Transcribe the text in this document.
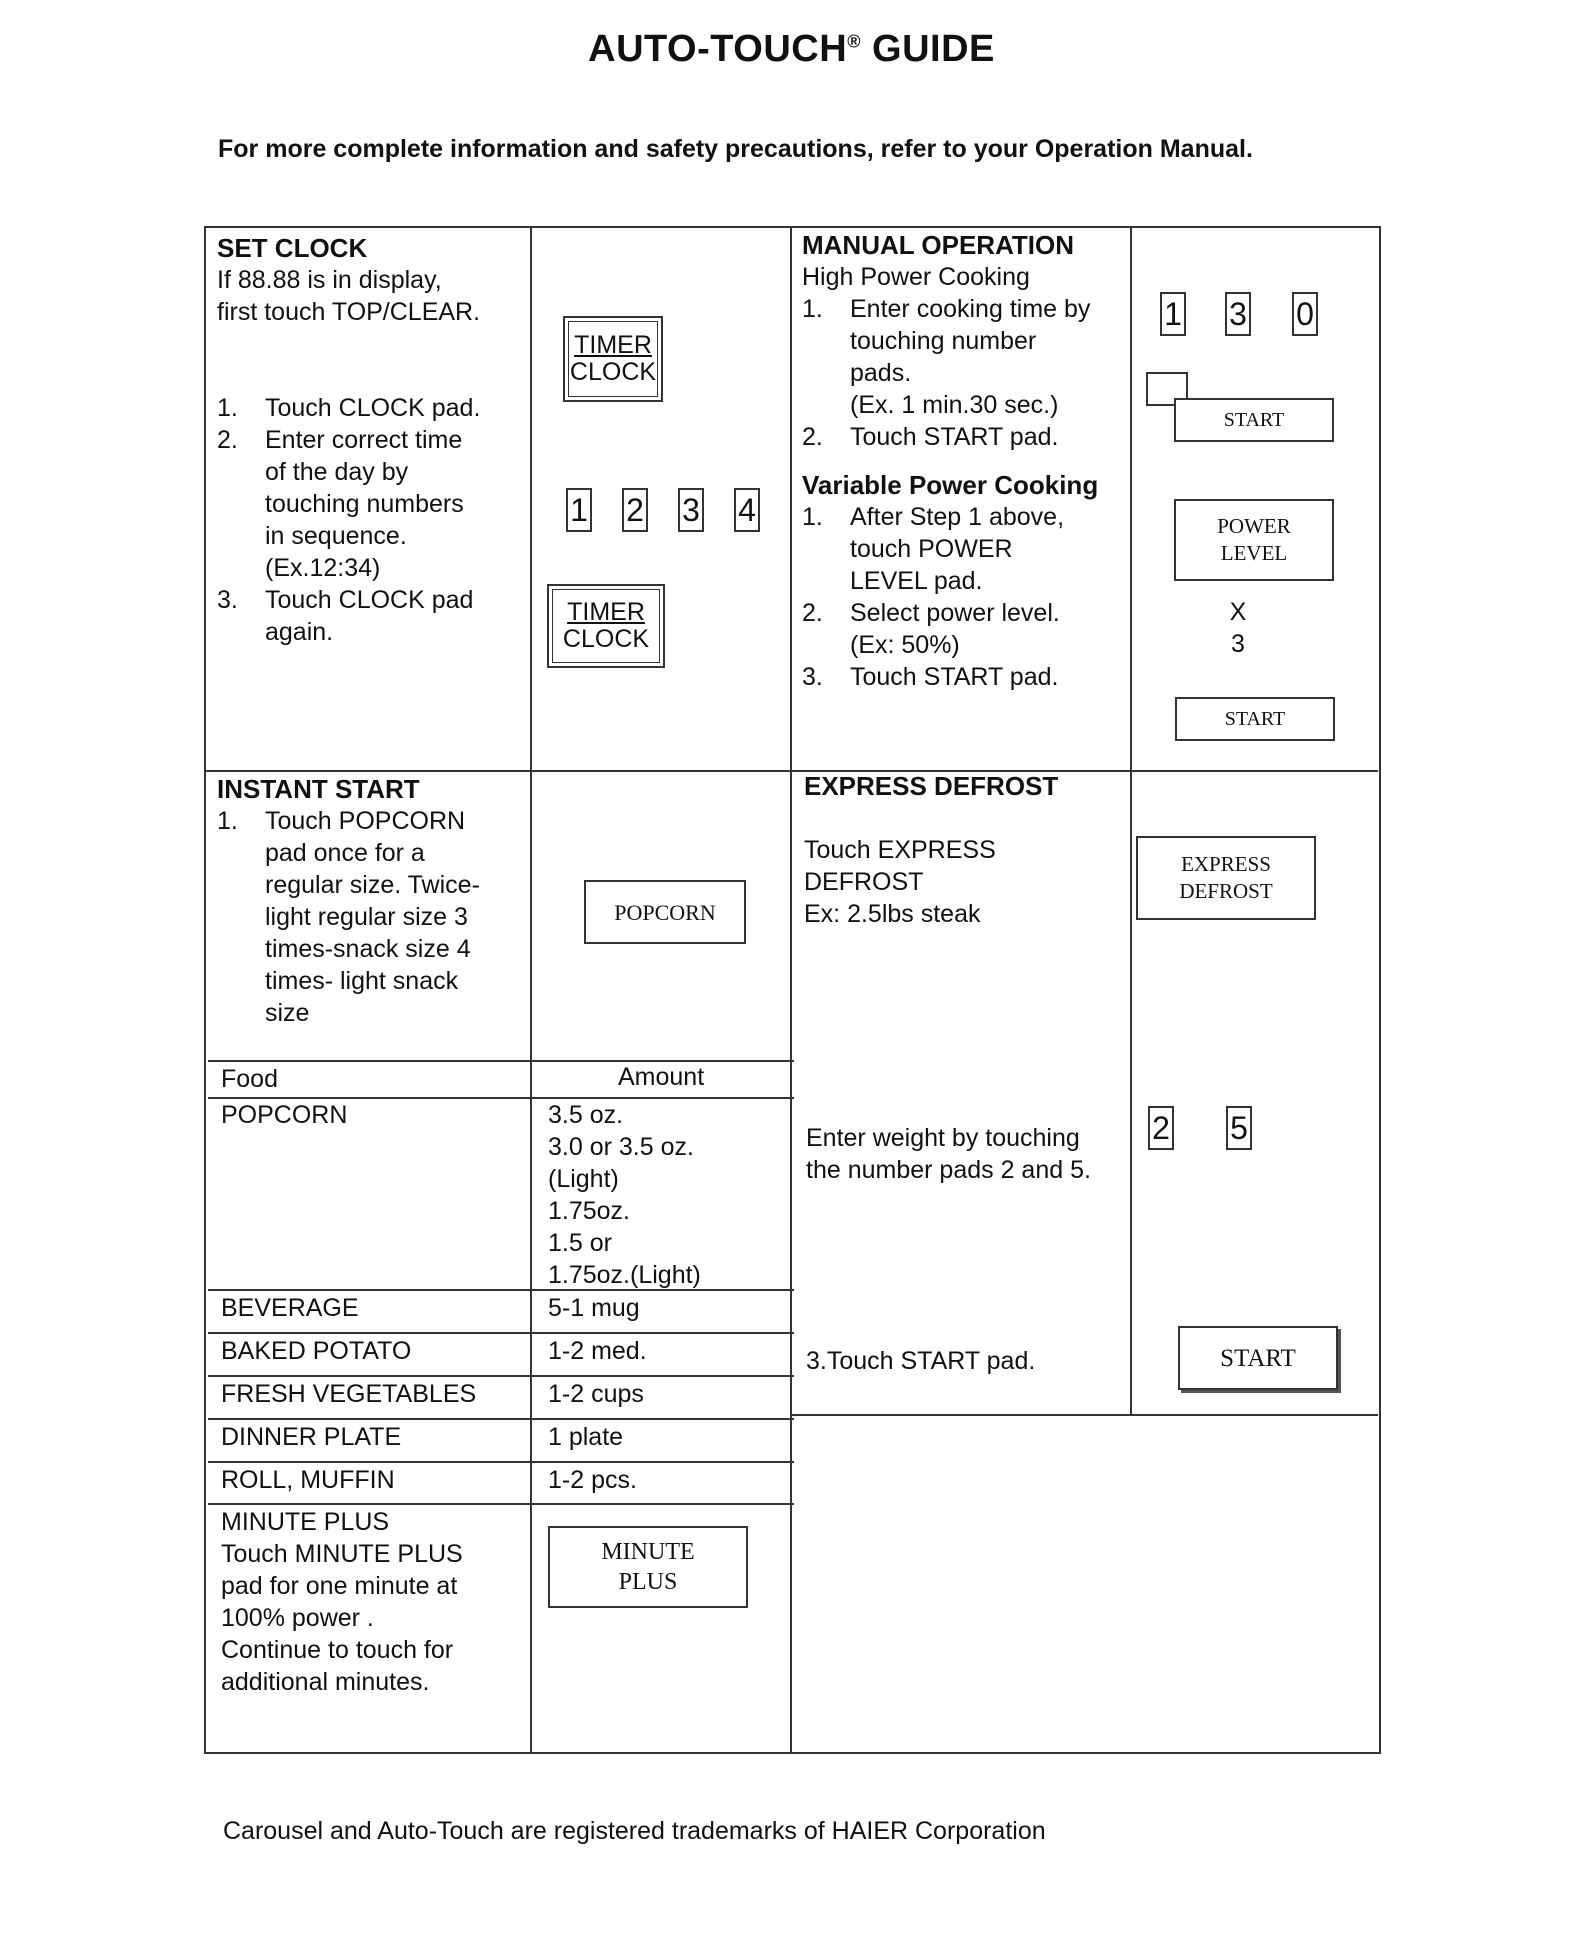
AUTO-TOUCH® GUIDE
For more complete information and safety precautions, refer to your Operation Manual.
SET CLOCK
If 88.88 is in display,
first touch TOP/CLEAR.
1. Touch CLOCK pad.
2. Enter correct time
of the day by
touching numbers
in sequence.
(Ex.12:34)
3. Touch CLOCK pad
again.
TIMER
CLOCK
1 2 3 4
TIMER
CLOCK
MANUAL OPERATION
High Power Cooking
1. Enter cooking time by
touching number
pads.
(Ex. 1 min.30 sec.)
2. Touch START pad.
Variable Power Cooking
1. After Step 1 above,
touch POWER
LEVEL pad.
2. Select power level.
(Ex: 50%)
3. Touch START pad.
1 3 0
START
POWER
LEVEL
X
3
START
INSTANT START
1. Touch POPCORN
pad once for a
regular size. Twice-
light regular size 3
times-snack size 4
times- light snack
size
POPCORN
Food	Amount
POPCORN	3.5 oz.
3.0 or 3.5 oz.
(Light)
1.75oz.
1.5 or
1.75oz.(Light)
BEVERAGE	5-1 mug
BAKED POTATO	1-2 med.
FRESH VEGETABLES	1-2 cups
DINNER PLATE	1 plate
ROLL, MUFFIN	1-2 pcs.
MINUTE PLUS
Touch MINUTE PLUS
pad for one minute at
100% power .
Continue to touch for
additional minutes.
MINUTE
PLUS
EXPRESS DEFROST
Touch EXPRESS
DEFROST
Ex: 2.5lbs steak
EXPRESS
DEFROST
Enter weight by touching
the number pads 2 and 5.
2 5
3.Touch START pad.	START
Carousel and Auto-Touch are registered trademarks of HAIER Corporation
